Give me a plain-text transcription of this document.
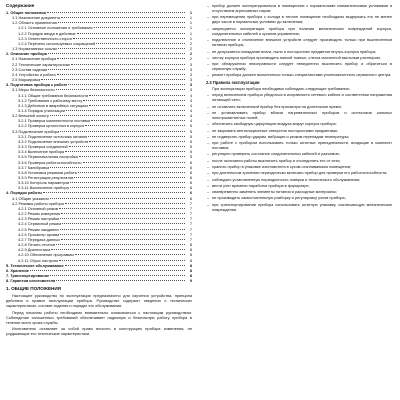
Содержание
1. Общие положения	1
1.1 Назначение документа	1
1.2 Область применения	1
1.2.1 Основные положения и требования	1
1.2.2 Порядок ввода в действие	1
1.2.3 Ответственность сторон	1
1.2.4 Перечень используемых сокращений	2
1.3 Нормативные ссылки	2
2. Описание прибора	2
2.1 Назначение прибора	2
2.2 Технические характеристики	3
2.3 Состав изделия	3
2.4 Устройство и работа	3
2.5 Маркировка	3
3. Подготовка прибора к работе	3
3.1 Меры безопасности	3
3.1.1 Общие требования безопасности	4
3.1.2 Требования к рабочему месту	4
3.1.3 Действия в аварийных ситуациях	4
3.1.4 Порядок утилизации	4
3.2 Внешний осмотр	4
3.2.1 Проверка комплектности поставки	4
3.2.2 Проверка целостности корпуса	5
3.3 Подключение прибора	5
3.3.1 Подключение источника питания	5
3.3.2 Подключение внешних устройств	5
3.3.3 Проверка соединений	5
3.3.4 Включение прибора	5
3.3.5 Первоначальная настройка	5
3.3.6 Проверка работоспособности	6
3.3.7 Калибровка	6
3.3.8 Установка режимов работы	6
3.3.9 Регистрация результатов	6
3.3.10 Контроль параметров	6
3.3.11 Выключение прибора	6
4. Порядок работы	6
4.1 Общие указания	6
4.2 Режимы работы прибора	7
4.2.1 Основной режим	7
4.2.2 Режим измерения	7
4.2.3 Режим настройки	7
4.2.4 Сервисный режим	7
4.2.5 Режим ожидания	7
4.2.6 Просмотр архива	7
4.2.7 Передача данных	7
4.2.8 Печать отчетов	8
4.2.9 Диагностика	8
4.2.10 Обновление программы	8
4.2.11 Сброс настроек	8
5. Техническое обслуживание	8
6. Хранение	8
7. Транспортирование	8
8. Гарантии изготовителя	9
1. ОБЩИЕ ПОЛОЖЕНИЯ
Настоящее руководство по эксплуатации предназначено для изучения устройства, принципа действия и правил эксплуатации прибора. Руководство содержит сведения о технических характеристиках, составе изделия и порядке его обслуживания.
Перед началом работы необходимо внимательно ознакомиться с настоящим руководством. Соблюдение изложенных требований обеспечивает надежную и безопасную работу прибора в течение всего срока службы.
Изготовитель оставляет за собой право вносить в конструкцию прибора изменения, не ухудшающие его технические характеристики.
– прибор должен эксплуатироваться в помещениях с нормальными климатическими условиями и отсутствием агрессивных паров;
– при перемещении прибора с холода в теплое помещение необходимо выдержать его не менее двух часов в нормальных условиях до включения;
– запрещается эксплуатация прибора при наличии механических повреждений корпуса, соединительных кабелей и органов управления;
– подключение и отключение внешних устройств следует производить только при выключенном питании прибора;
– не допускается попадание влаги, пыли и посторонних предметов внутрь корпуса прибора;
– чистку корпуса прибора производить мягкой тканью, слегка смоченной мыльным раствором;
– при обнаружении неисправности следует немедленно выключить прибор и обратиться в сервисную службу;
– ремонт прибора должен выполняться только специалистами уполномоченного сервисного центра.
2.3 Правила эксплуатации
При эксплуатации прибора необходимо соблюдать следующие требования:
– перед включением прибора убедиться в исправности сетевого кабеля и соответствии напряжения питающей сети;
– не оставлять включенный прибор без присмотра на длительное время;
– не устанавливать прибор вблизи нагревательных приборов и источников сильных электромагнитных полей;
– обеспечить свободную циркуляцию воздуха вокруг корпуса прибора;
– не закрывать вентиляционные отверстия посторонними предметами;
– не подвергать прибор ударам, вибрации и резким перепадам температуры;
– при работе с прибором использовать только штатные принадлежности, входящие в комплект поставки;
– регулярно проверять состояние соединительных кабелей и разъемов;
– после окончания работы выключить прибор и отсоединить его от сети;
– хранить прибор в упаковке изготовителя в сухом отапливаемом помещении;
– при длительном хранении периодически включать прибор для проверки его работоспособности;
– соблюдать установленную периодичность поверки и технического обслуживания;
– вести учет времени наработки прибора в формуляре;
– своевременно заменять элементы питания и расходные материалы;
– не производить самостоятельную разборку и регулировку узлов прибора;
– при транспортировании прибора использовать штатную упаковку, исключающую механические повреждения.
